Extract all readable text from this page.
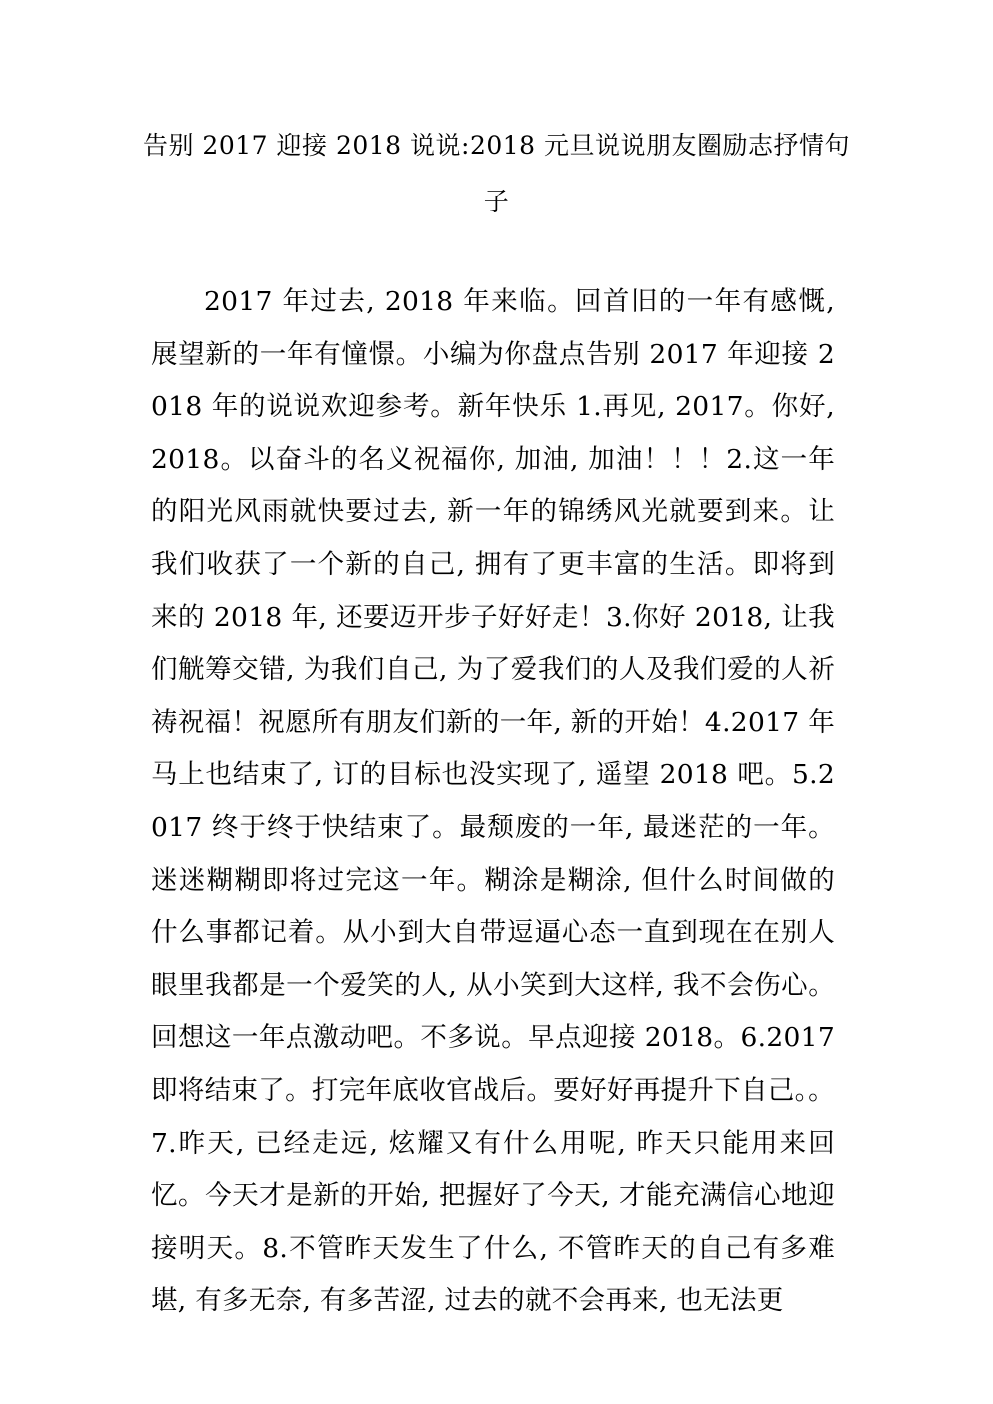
告别 2017 迎接 2018 说说:2018 元旦说说朋友圈励志抒情句子

2017 年过去, 2018 年来临。回首旧的一年有感慨, 展望新的一年有憧憬。小编为你盘点告别 2017 年迎接 2018 年的说说欢迎参考。新年快乐 1.再见, 2017。你好, 2018。以奋斗的名义祝福你, 加油, 加油！！！2.这一年的阳光风雨就快要过去, 新一年的锦绣风光就要到来。让我们收获了一个新的自己, 拥有了更丰富的生活。即将到来的 2018 年, 还要迈开步子好好走！3.你好 2018, 让我们觥筹交错, 为我们自己, 为了爱我们的人及我们爱的人祈祷祝福！祝愿所有朋友们新的一年, 新的开始！4.2017 年马上也结束了, 订的目标也没实现了, 遥望 2018 吧。5.2017 终于终于快结束了。最颓废的一年, 最迷茫的一年。迷迷糊糊即将过完这一年。糊涂是糊涂, 但什么时间做的什么事都记着。从小到大自带逗逼心态一直到现在在别人眼里我都是一个爱笑的人, 从小笑到大这样, 我不会伤心。回想这一年点激动吧。不多说。早点迎接 2018。6.2017 即将结束了。打完年底收官战后。要好好再提升下自己。。7.昨天, 已经走远, 炫耀又有什么用呢, 昨天只能用来回忆。今天才是新的开始, 把握好了今天, 才能充满信心地迎接明天。8.不管昨天发生了什么, 不管昨天的自己有多难堪, 有多无奈, 有多苦涩, 过去的就不会再来, 也无法更
